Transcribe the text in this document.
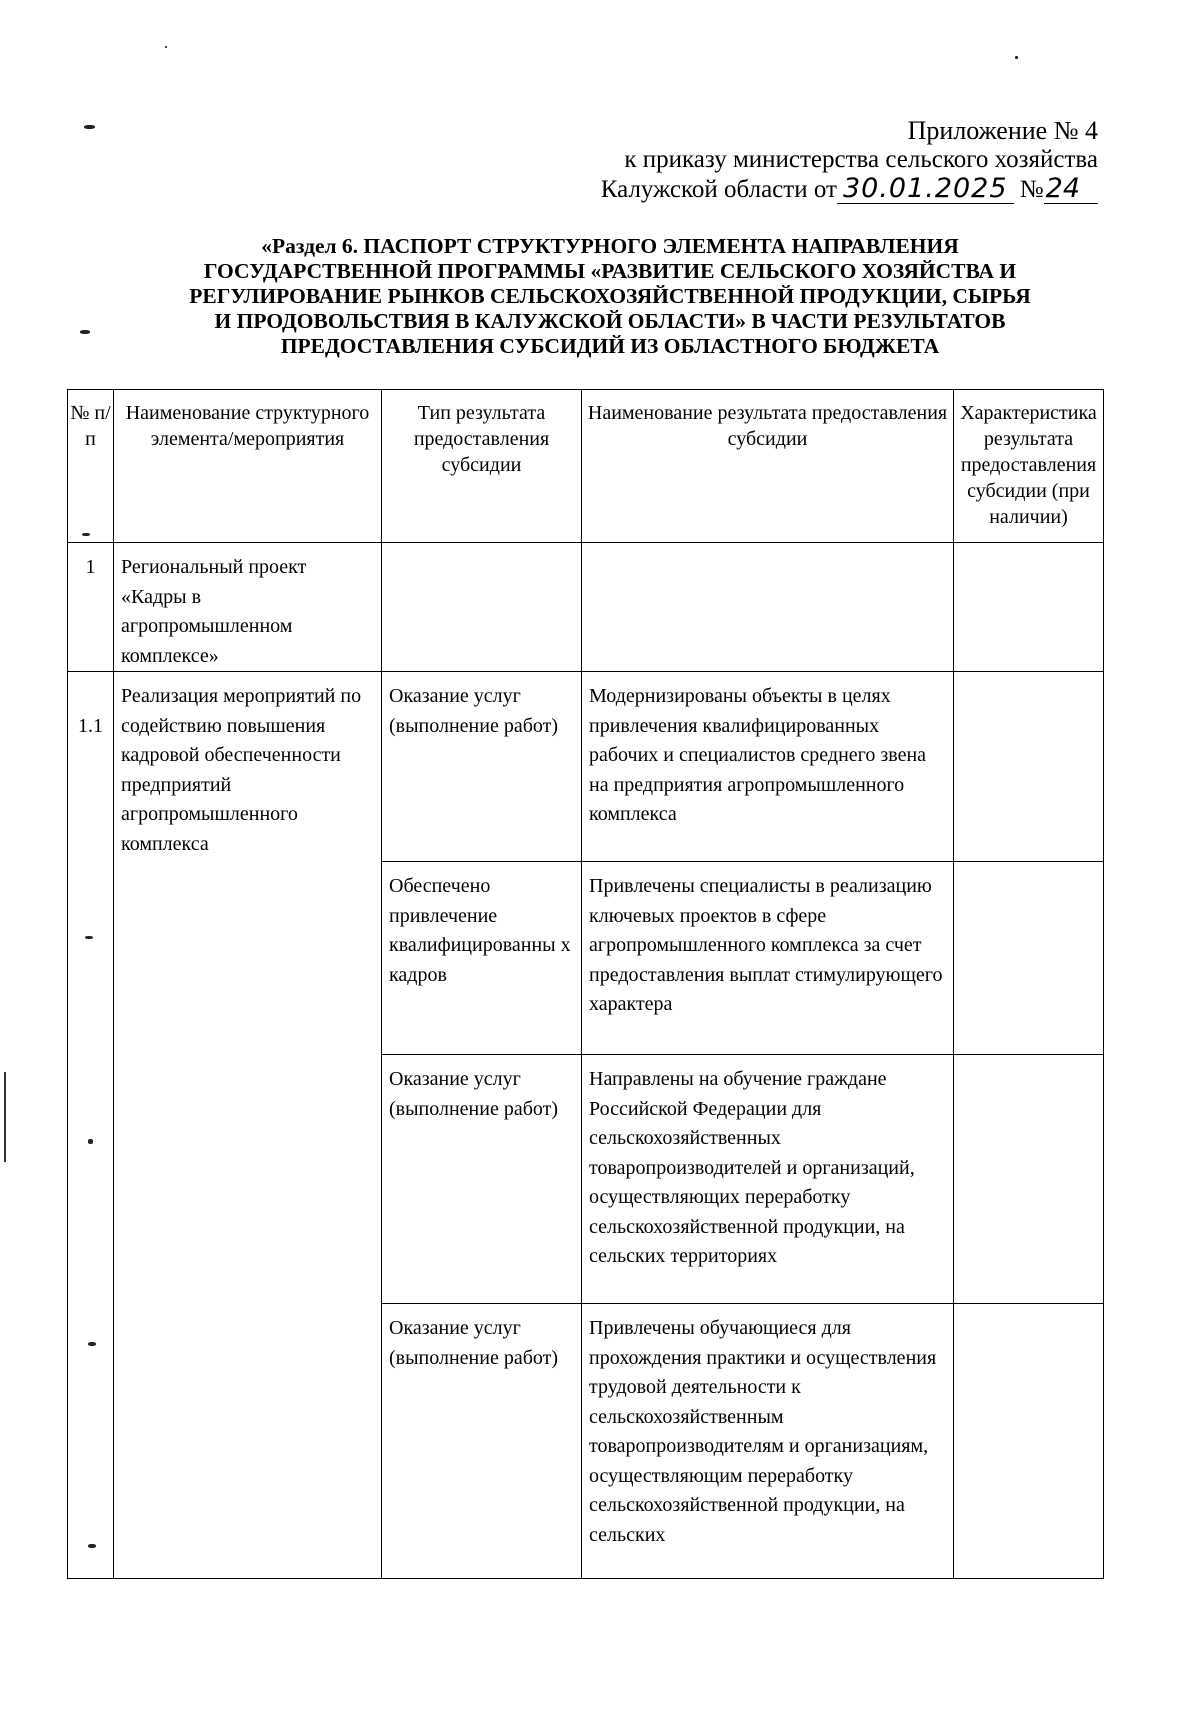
Приложение № 4
к приказу министерства сельского хозяйства
Калужской области от 30.01.2025 №24
«Раздел 6. ПАСПОРТ СТРУКТУРНОГО ЭЛЕМЕНТА НАПРАВЛЕНИЯ
ГОСУДАРСТВЕННОЙ ПРОГРАММЫ «РАЗВИТИЕ СЕЛЬСКОГО ХОЗЯЙСТВА И
РЕГУЛИРОВАНИЕ РЫНКОВ СЕЛЬСКОХОЗЯЙСТВЕННОЙ ПРОДУКЦИИ, СЫРЬЯ
И ПРОДОВОЛЬСТВИЯ В КАЛУЖСКОЙ ОБЛАСТИ» В ЧАСТИ РЕЗУЛЬТАТОВ
ПРЕДОСТАВЛЕНИЯ СУБСИДИЙ ИЗ ОБЛАСТНОГО БЮДЖЕТА
№ п/п	Наименование структурного элемента/мероприятия	Тип результата предоставления субсидии	Наименование результата предоставления субсидии	Характеристика результата предоставления субсидии (при наличии)

1	Региональный проект «Кадры в агропромышленном комплексе»			

1.1	Реализация мероприятий по содействию повышения кадровой обеспеченности предприятий агропромышленного комплекса	Оказание услуг (выполнение работ)	Модернизированы объекты в целях привлечения квалифицированных рабочих и специалистов среднего звена на предприятия агропромышленного комплекса	

		Обеспечено привлечение квалифицированны х кадров	Привлечены специалисты в реализацию ключевых проектов в сфере агропромышленного комплекса за счет предоставления выплат стимулирующего характера	

		Оказание услуг (выполнение работ)	Направлены на обучение граждане Российской Федерации для сельскохозяйственных товаропроизводителей и организаций, осуществляющих переработку сельскохозяйственной продукции, на сельских территориях	

		Оказание услуг (выполнение работ)	Привлечены обучающиеся для прохождения практики и осуществления трудовой деятельности к сельскохозяйственным товаропроизводителям и организациям, осуществляющим переработку сельскохозяйственной продукции, на сельских	
